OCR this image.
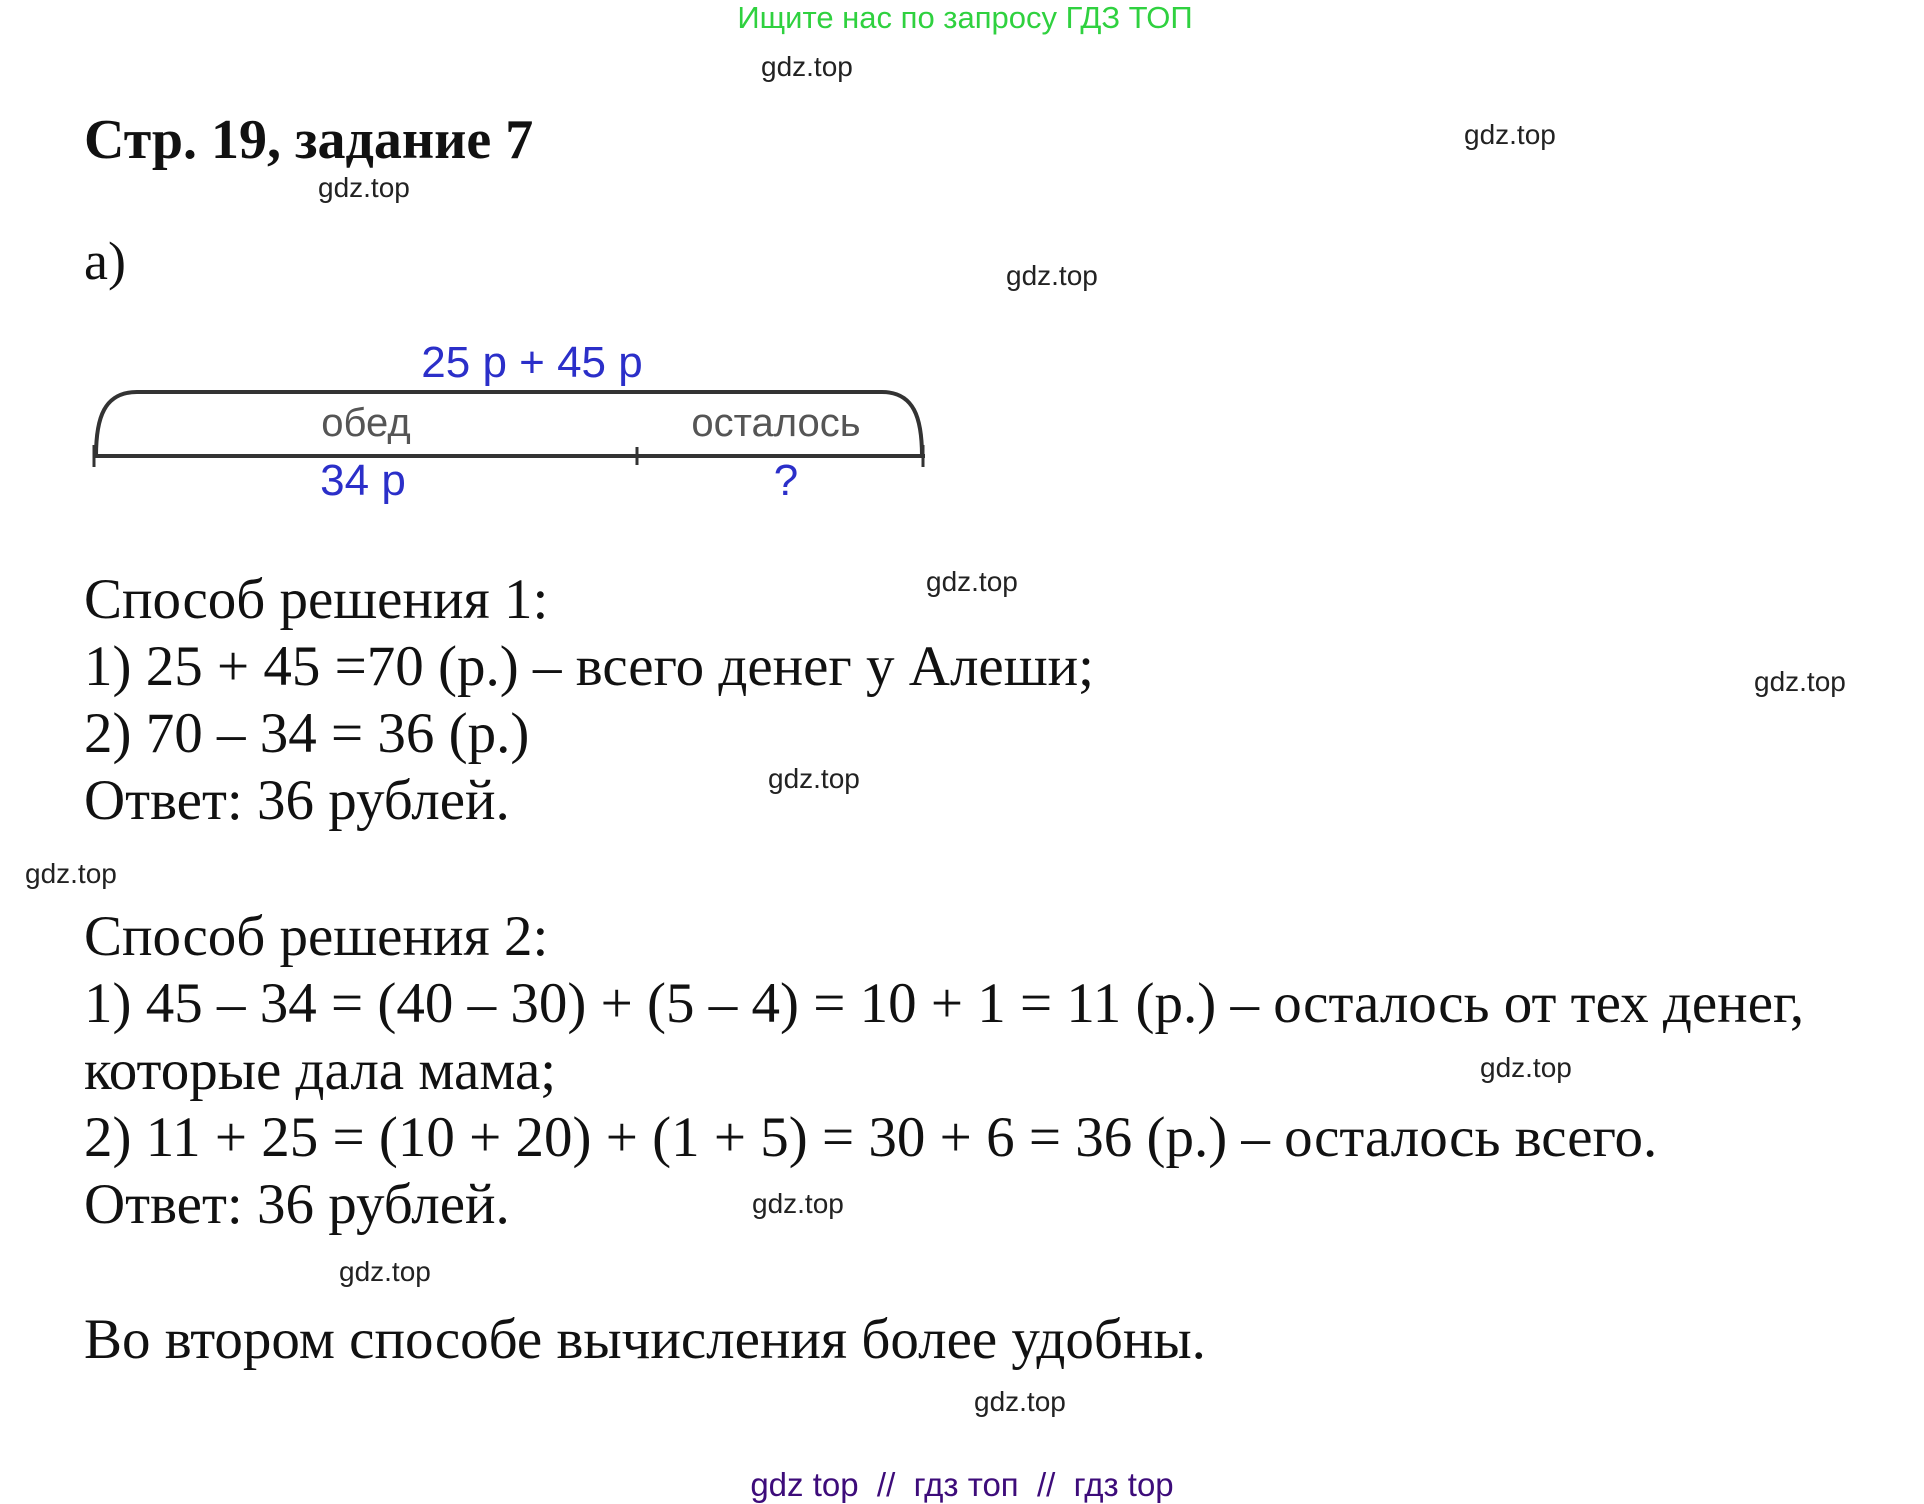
Ищите нас по запросу ГДЗ ТОП
Стр. 19, задание 7
а)
25 р + 45 р
обед	осталось
34 р	?
Способ решения 1:
1) 25 + 45 =70 (р.) – всего денег у Алеши;
2) 70 – 34 = 36 (р.)
Ответ: 36 рублей.
Способ решения 2:
1) 45 – 34 = (40 – 30) + (5 – 4) = 10 + 1 = 11 (р.) – осталось от тех денег,
которые дала мама;
2) 11 + 25 = (10 + 20) + (1 + 5) = 30 + 6 = 36 (р.) – осталось всего.
Ответ: 36 рублей.
Во втором способе вычисления более удобны.
gdz.top
gdz.top
gdz.top
gdz.top
gdz.top
gdz.top
gdz.top
gdz.top
gdz.top
gdz.top
gdz.top
gdz.top
gdz top  //  гдз топ  //  гдз top
